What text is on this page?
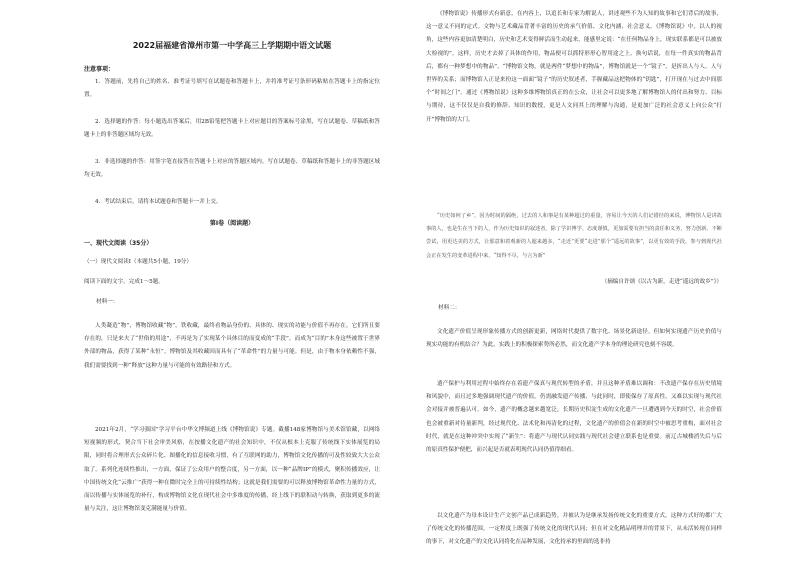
2022届福建省漳州市第一中学高三上学期期中语文试题
注意事项：

1．答题前，先将自己的姓名、准考证号填写在试题卷和答题卡上，并将准考证号条形码粘贴在答题卡上的指定位置。

2．选择题的作答：每小题选出答案后，用2B铅笔把答题卡上对应题目的答案标号涂黑，写在试题卷、草稿纸和答题卡上的非答题区域均无效。

3．非选择题的作答：用签字笔直接答在答题卡上对应的答题区域内。写在试题卷、草稿纸和答题卡上的非答题区域均无效。

4．考试结束后，请将本试题卷和答题卡一并上交。

第Ⅰ卷（阅读题）
一、现代文阅读（35分）
（一）现代文阅读Ⅰ（本题共5小题，19分）
阅读下面的文字，完成1～5题。
材料一：

人类凝造“物”，博物馆收藏“物”。铁收藏，最终看物品身份的、具体的、现实的功能与价值不再存在。它们所且要存在的，只是来夫了“世俗的用途”，不再是为了实现某个具体目的而变成的“手段”，而成为“目的”本身这些被置于世界外部的物品，获得了某种“永恒”。博物馆及其收藏因而具有了“革命性”的力量与可能。但是，由于物本身依赖性不强，我们需要找到一种“释放”这种力量与可能的有效路径和方式。

2021年2月，“学习强国”学习平台中华文博频道上线《博物馆说》专题。截播148家博物馆与美术馆馆藏，以网络短视频的形式，契合当下社会审美风格，在按播文化遗产的社会知识中，不仅从根本上克服了传统线下实体展览的局限，同时将合理形式公众碎片化、图播化的信息接收习惯，有了互联网的助力，博物馆文化传播的可及性较致大大公众取了。系列化连续性推出，一方面，保证了公众用户的整合度，另一方面，以一种“品牌IP”的模式，聚积传播效应，让中国传统文化“云推广”获得一种在微时完全上的可持续性结构；这就是我们需要的可以释放博物馆革命性力量的方式，而以传播与实体展览的补行，构成博物馆文化在现代社会中多维度的传播，经上线下的联积动与转换，获取到更多的流量与关注，这让博物馆变克满能量与价值。

《博物馆说》传播形式有新意，在内容上，以追长和专家为解说人，讲述观些不为人知的故事和它们背后的故事，这一意义不同的定式。文物与艺术藏品背著丰富的历史的承气价值、文化内涵、社会意义。《博物馆说》中，以人的视角，这些内容更加清楚明白，历史和艺术变得鲜活而生动起来，能感里定说：“在任何物品身上，现实联系都是可以被放大检视的”。这样，历史才去掉了具体的作用，物品便可以抓特形形心智用途之上。换句话说，在每一件真实的物品背后，都有一种梦想中的物品”。“博物馆文物，就是两件“梦想中的物品”，博物馆就是一个“镜子”，是折出人与人、人与世界的关系；而博物馆人正是来扮这一面面“镜子”的历史叙述者，手握藏品这把物体的“钥匙”，打开现在与过去中间那个“时间之门”。通过《博物馆说》这种多维博物馆真正的在公众，让社会可以更多地了解博物馆人的付出和努力、目标与期待，这不仅仅是自我的修辞、知识的数授，更是人文同其上的理解与沟通，是更加广泛的社会意义上向公众“打开”博物馆的大门。

“历史如何了乡”，因为时间的隔绝，过去的人和事是有某种超过的重量，容易让今天的人们记错径的来说，博物馆人是讲故事的人，也是生在当下的人，作为历史知识的叙述者，除了学识博学、态度谨慎，更加需要有担当的责任和义务，努力创新、不断尝试，用更达美的方式，让那意和着观新的人超来越多，“走近”更要“走进”那个“遥远的故事”，以更有效的手段，参与到现代社会正在发生的变革进程中来，“知得不尽，与言为新”

（摘编自许颂《以古为新，走进“遥远的故乡”》）
材料二：

文化遗产价值呈现形象传播方式的创新更新，网络时代提供了数字化、场景化新途径。但如何实现遗产历史价值与现实功能的有机结合？为此，实践上的积极探索势所必然，而文化遗产学本身的理论研究也刻不容缓。

遗产保护与利用过程中始终存在着遗产保真与现代转型的矛盾，并且这种矛盾难以调和：不改遗产保存在历史情境和风貌中，而且过多地强调现代遗产的价值，仍需融发遗产传播、与此同时，即使保存了原真性，又难以实现与现代社会对接并被普遍认可。如今，遗产的概念越来越宽泛，长期历史积淀生成的文化遗产一旦遭遇到今天的时空，社会价值也会被重新对待量新判，经过现代化、法术化和再清化的过程，文化遗产的价值会在新的时空中被思考重构，面对社会时代，就是在这种冲突中实现了“新生”：将遗产与现代认同实践与现代社会建立联系也是重要。前辽古城楼消失后与后的原真性保护便把，而兴起是否就表明现代认同仍值得细看。

以文化遗产为母本设计生产文创产品已成新趋势。并被认为是继承发扬传统文化的重要方式，这种方式好的都广大了传统文化的传播范围，一定程度上既强了传统文化的现代认同；但在对文化精品明理并的背景下，从未活转现在同样的事下，对文化遗产的文化认同将化在品种发展，文化持承的里面的选非持
